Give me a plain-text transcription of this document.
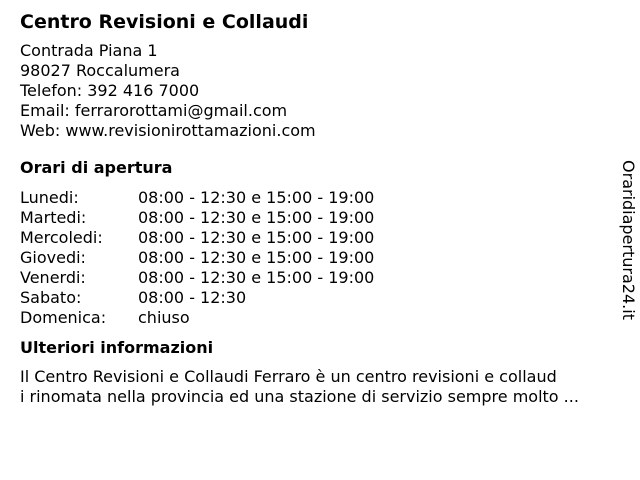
Centro Revisioni e Collaudi
Contrada Piana 1
98027 Roccalumera
Telefon: 392 416 7000
Email: ferrarorottami@gmail.com
Web: www.revisionirottamazioni.com
Orari di apertura
Lunedi:	08:00 - 12:30 e 15:00 - 19:00
Martedi:	08:00 - 12:30 e 15:00 - 19:00
Mercoledi:	08:00 - 12:30 e 15:00 - 19:00
Giovedi:	08:00 - 12:30 e 15:00 - 19:00
Venerdi:	08:00 - 12:30 e 15:00 - 19:00
Sabato:	08:00 - 12:30
Domenica:	chiuso
Ulteriori informazioni
Il Centro Revisioni e Collaudi Ferraro è un centro revisioni e collaud
i rinomata nella provincia ed una stazione di servizio sempre molto ...
Oraridiapertura24.it
